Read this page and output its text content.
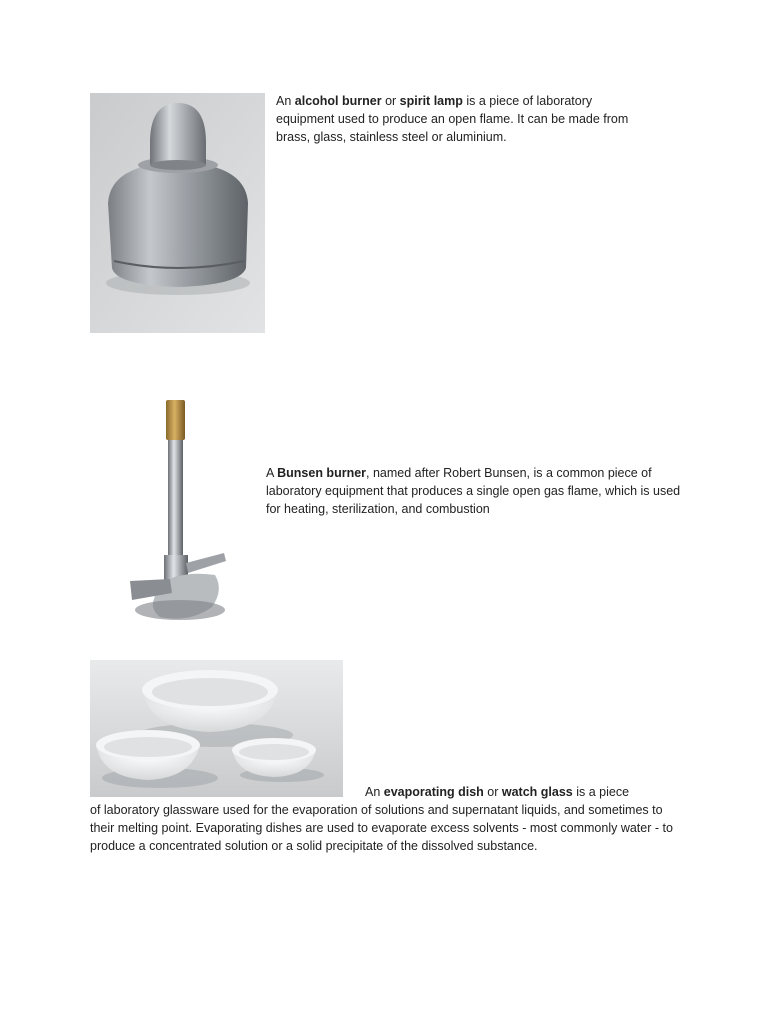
An alcohol burner or spirit lamp is a piece of laboratory equipment used to produce an open flame. It can be made from brass, glass, stainless steel or aluminium.
A Bunsen burner, named after Robert Bunsen, is a common piece of laboratory equipment that produces a single open gas flame, which is used for heating, sterilization, and combustion
An evaporating dish or watch glass is a piece
of laboratory glassware used for the evaporation of solutions and supernatant liquids, and sometimes to their melting point. Evaporating dishes are used to evaporate excess solvents - most commonly water - to produce a concentrated solution or a solid precipitate of the dissolved substance.
